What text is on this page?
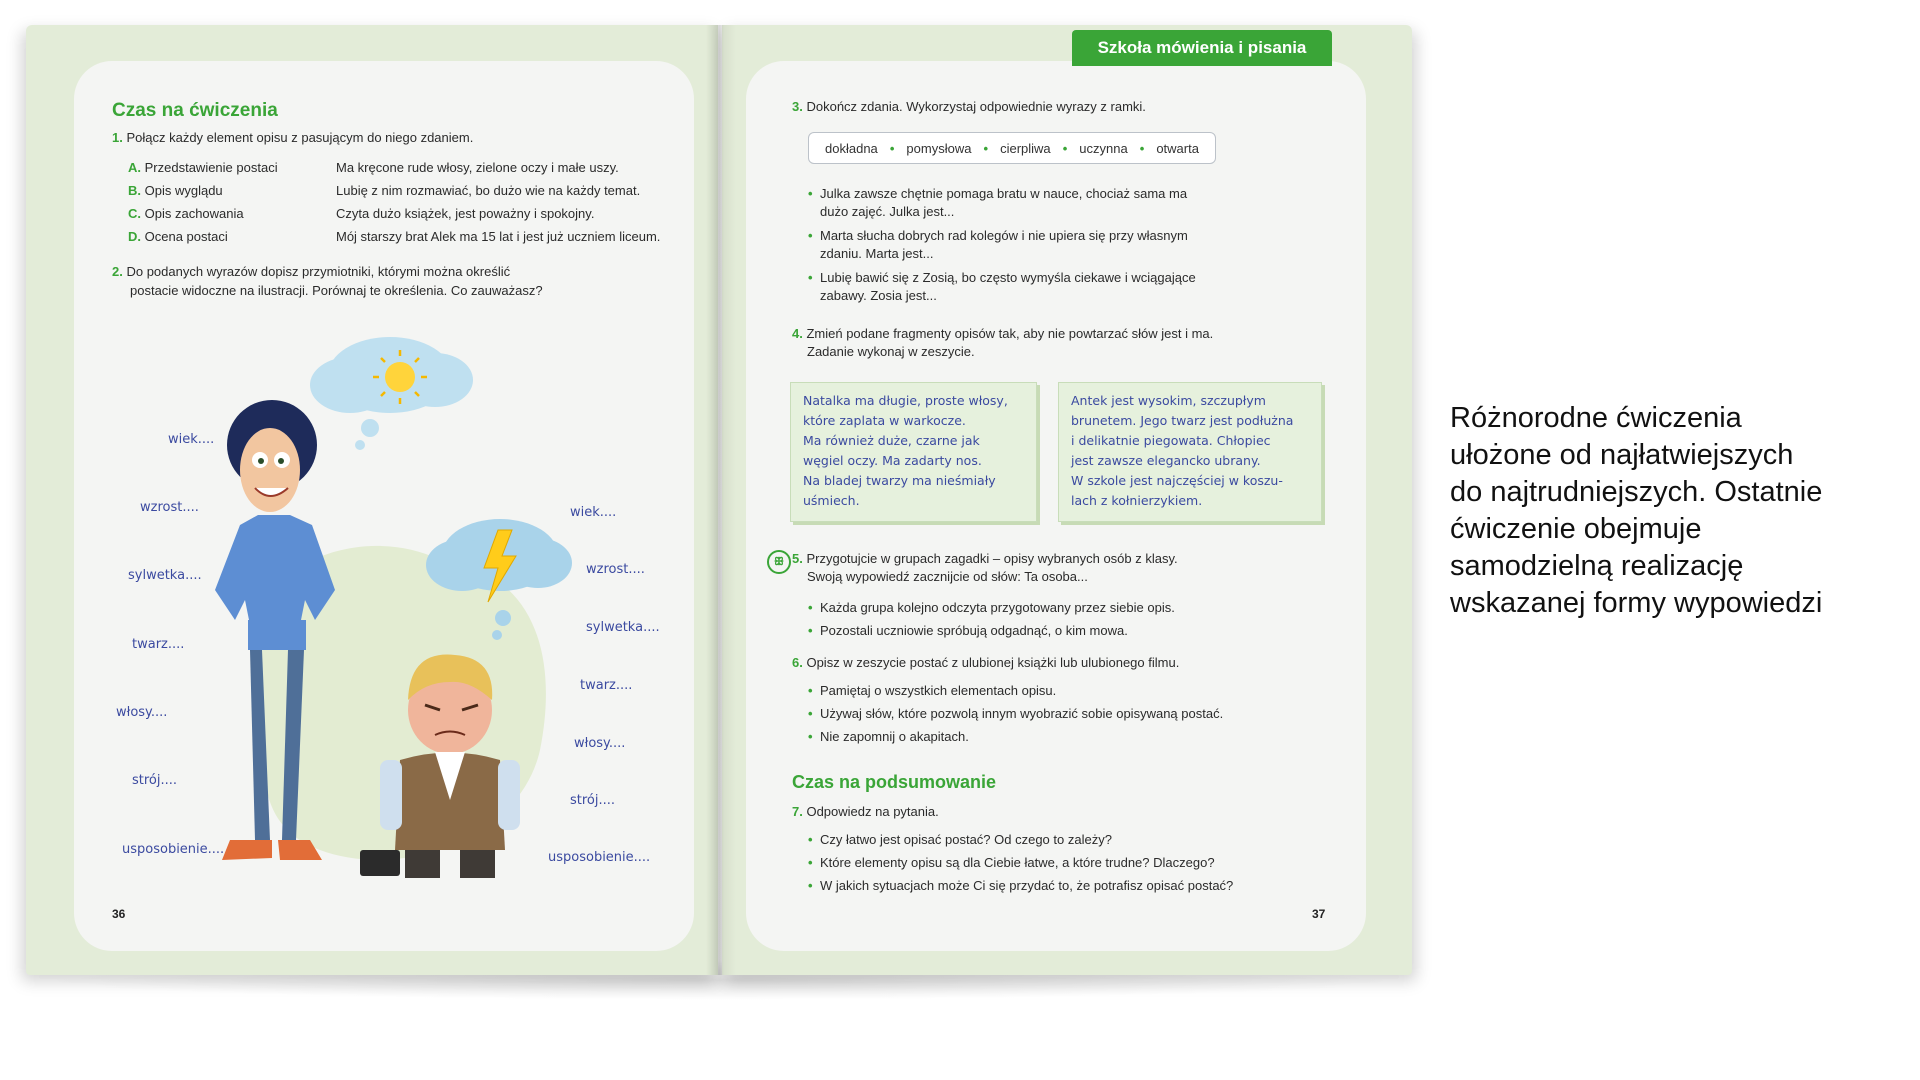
Czas na ćwiczenia
1. Połącz każdy element opisu z pasującym do niego zdaniem.
A. Przedstawienie postaci	Ma kręcone rude włosy, zielone oczy i małe uszy.
B. Opis wyglądu	Lubię z nim rozmawiać, bo dużo wie na każdy temat.
C. Opis zachowania	Czyta dużo książek, jest poważny i spokojny.
D. Ocena postaci	Mój starszy brat Alek ma 15 lat i jest już uczniem liceum.
2. Do podanych wyrazów dopisz przymiotniki, którymi można określić
postacie widoczne na ilustracji. Porównaj te określenia. Co zauważasz?
wiek....
wzrost....
sylwetka....
twarz....
włosy....
strój....
usposobienie....
wiek....
wzrost....
sylwetka....
twarz....
włosy....
strój....
usposobienie....
36
Szkoła mówienia i pisania
3. Dokończ zdania. Wykorzystaj odpowiednie wyrazy z ramki.
dokładna • pomysłowa • cierpliwa • uczynna • otwarta
• Julka zawsze chętnie pomaga bratu w nauce, chociaż sama ma
dużo zajęć. Julka jest...
• Marta słucha dobrych rad kolegów i nie upiera się przy własnym
zdaniu. Marta jest...
• Lubię bawić się z Zosią, bo często wymyśla ciekawe i wciągające
zabawy. Zosia jest...
4. Zmień podane fragmenty opisów tak, aby nie powtarzać słów jest i ma.
Zadanie wykonaj w zeszycie.

Natalka ma długie, proste włosy,
które zaplata w warkocze.
Ma również duże, czarne jak
węgiel oczy. Ma zadarty nos.
Na bladej twarzy ma nieśmiały
uśmiech.

Antek jest wysokim, szczupłym
brunetem. Jego twarz jest podłużna
i delikatnie piegowata. Chłopiec
jest zawsze elegancko ubrany.
W szkole jest najczęściej w koszu-
lach z kołnierzykiem.

ꕥ 5. Przygotujcie w grupach zagadki – opisy wybranych osób z klasy.
Swoją wypowiedź zacznijcie od słów: Ta osoba...
• Każda grupa kolejno odczyta przygotowany przez siebie opis.
• Pozostali uczniowie spróbują odgadnąć, o kim mowa.
6. Opisz w zeszycie postać z ulubionej książki lub ulubionego filmu.
• Pamiętaj o wszystkich elementach opisu.
• Używaj słów, które pozwolą innym wyobrazić sobie opisywaną postać.
• Nie zapomnij o akapitach.
Czas na podsumowanie
7. Odpowiedz na pytania.
• Czy łatwo jest opisać postać? Od czego to zależy?
• Które elementy opisu są dla Ciebie łatwe, a które trudne? Dlaczego?
• W jakich sytuacjach może Ci się przydać to, że potrafisz opisać postać?
37
Różnorodne ćwiczenia
ułożone od najłatwiejszych
do najtrudniejszych. Ostatnie
ćwiczenie obejmuje
samodzielną realizację
wskazanej formy wypowiedzi
